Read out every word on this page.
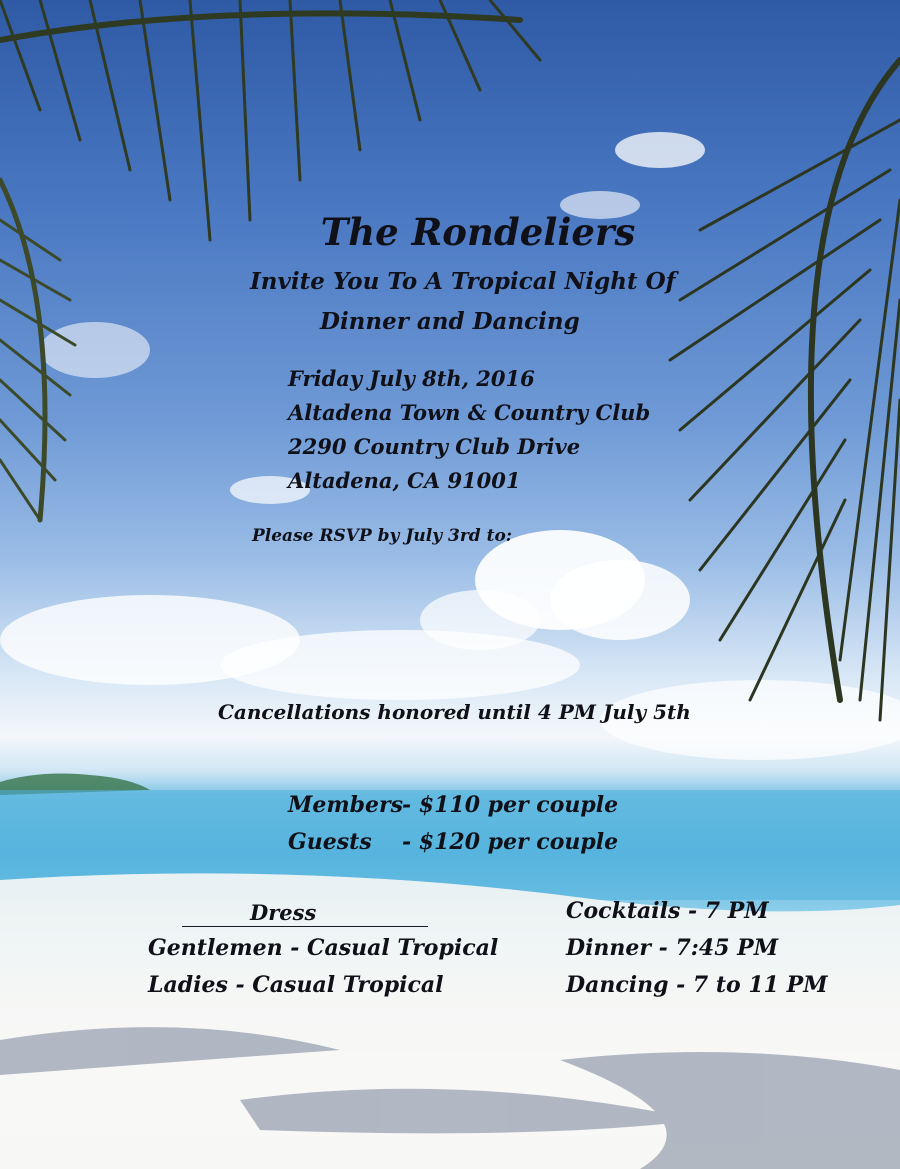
The Rondeliers
Invite You To A Tropical Night Of
Dinner and Dancing
Friday July 8th, 2016
Altadena Town & Country Club
2290 Country Club Drive
Altadena, CA 91001
Please RSVP by July 3rd to:
Cancellations honored until 4 PM July 5th
Members - $110 per couple
Guests - $120 per couple
Dress
Gentlemen - Casual Tropical
Ladies - Casual Tropical
Cocktails - 7 PM
Dinner - 7:45 PM
Dancing - 7 to 11 PM
